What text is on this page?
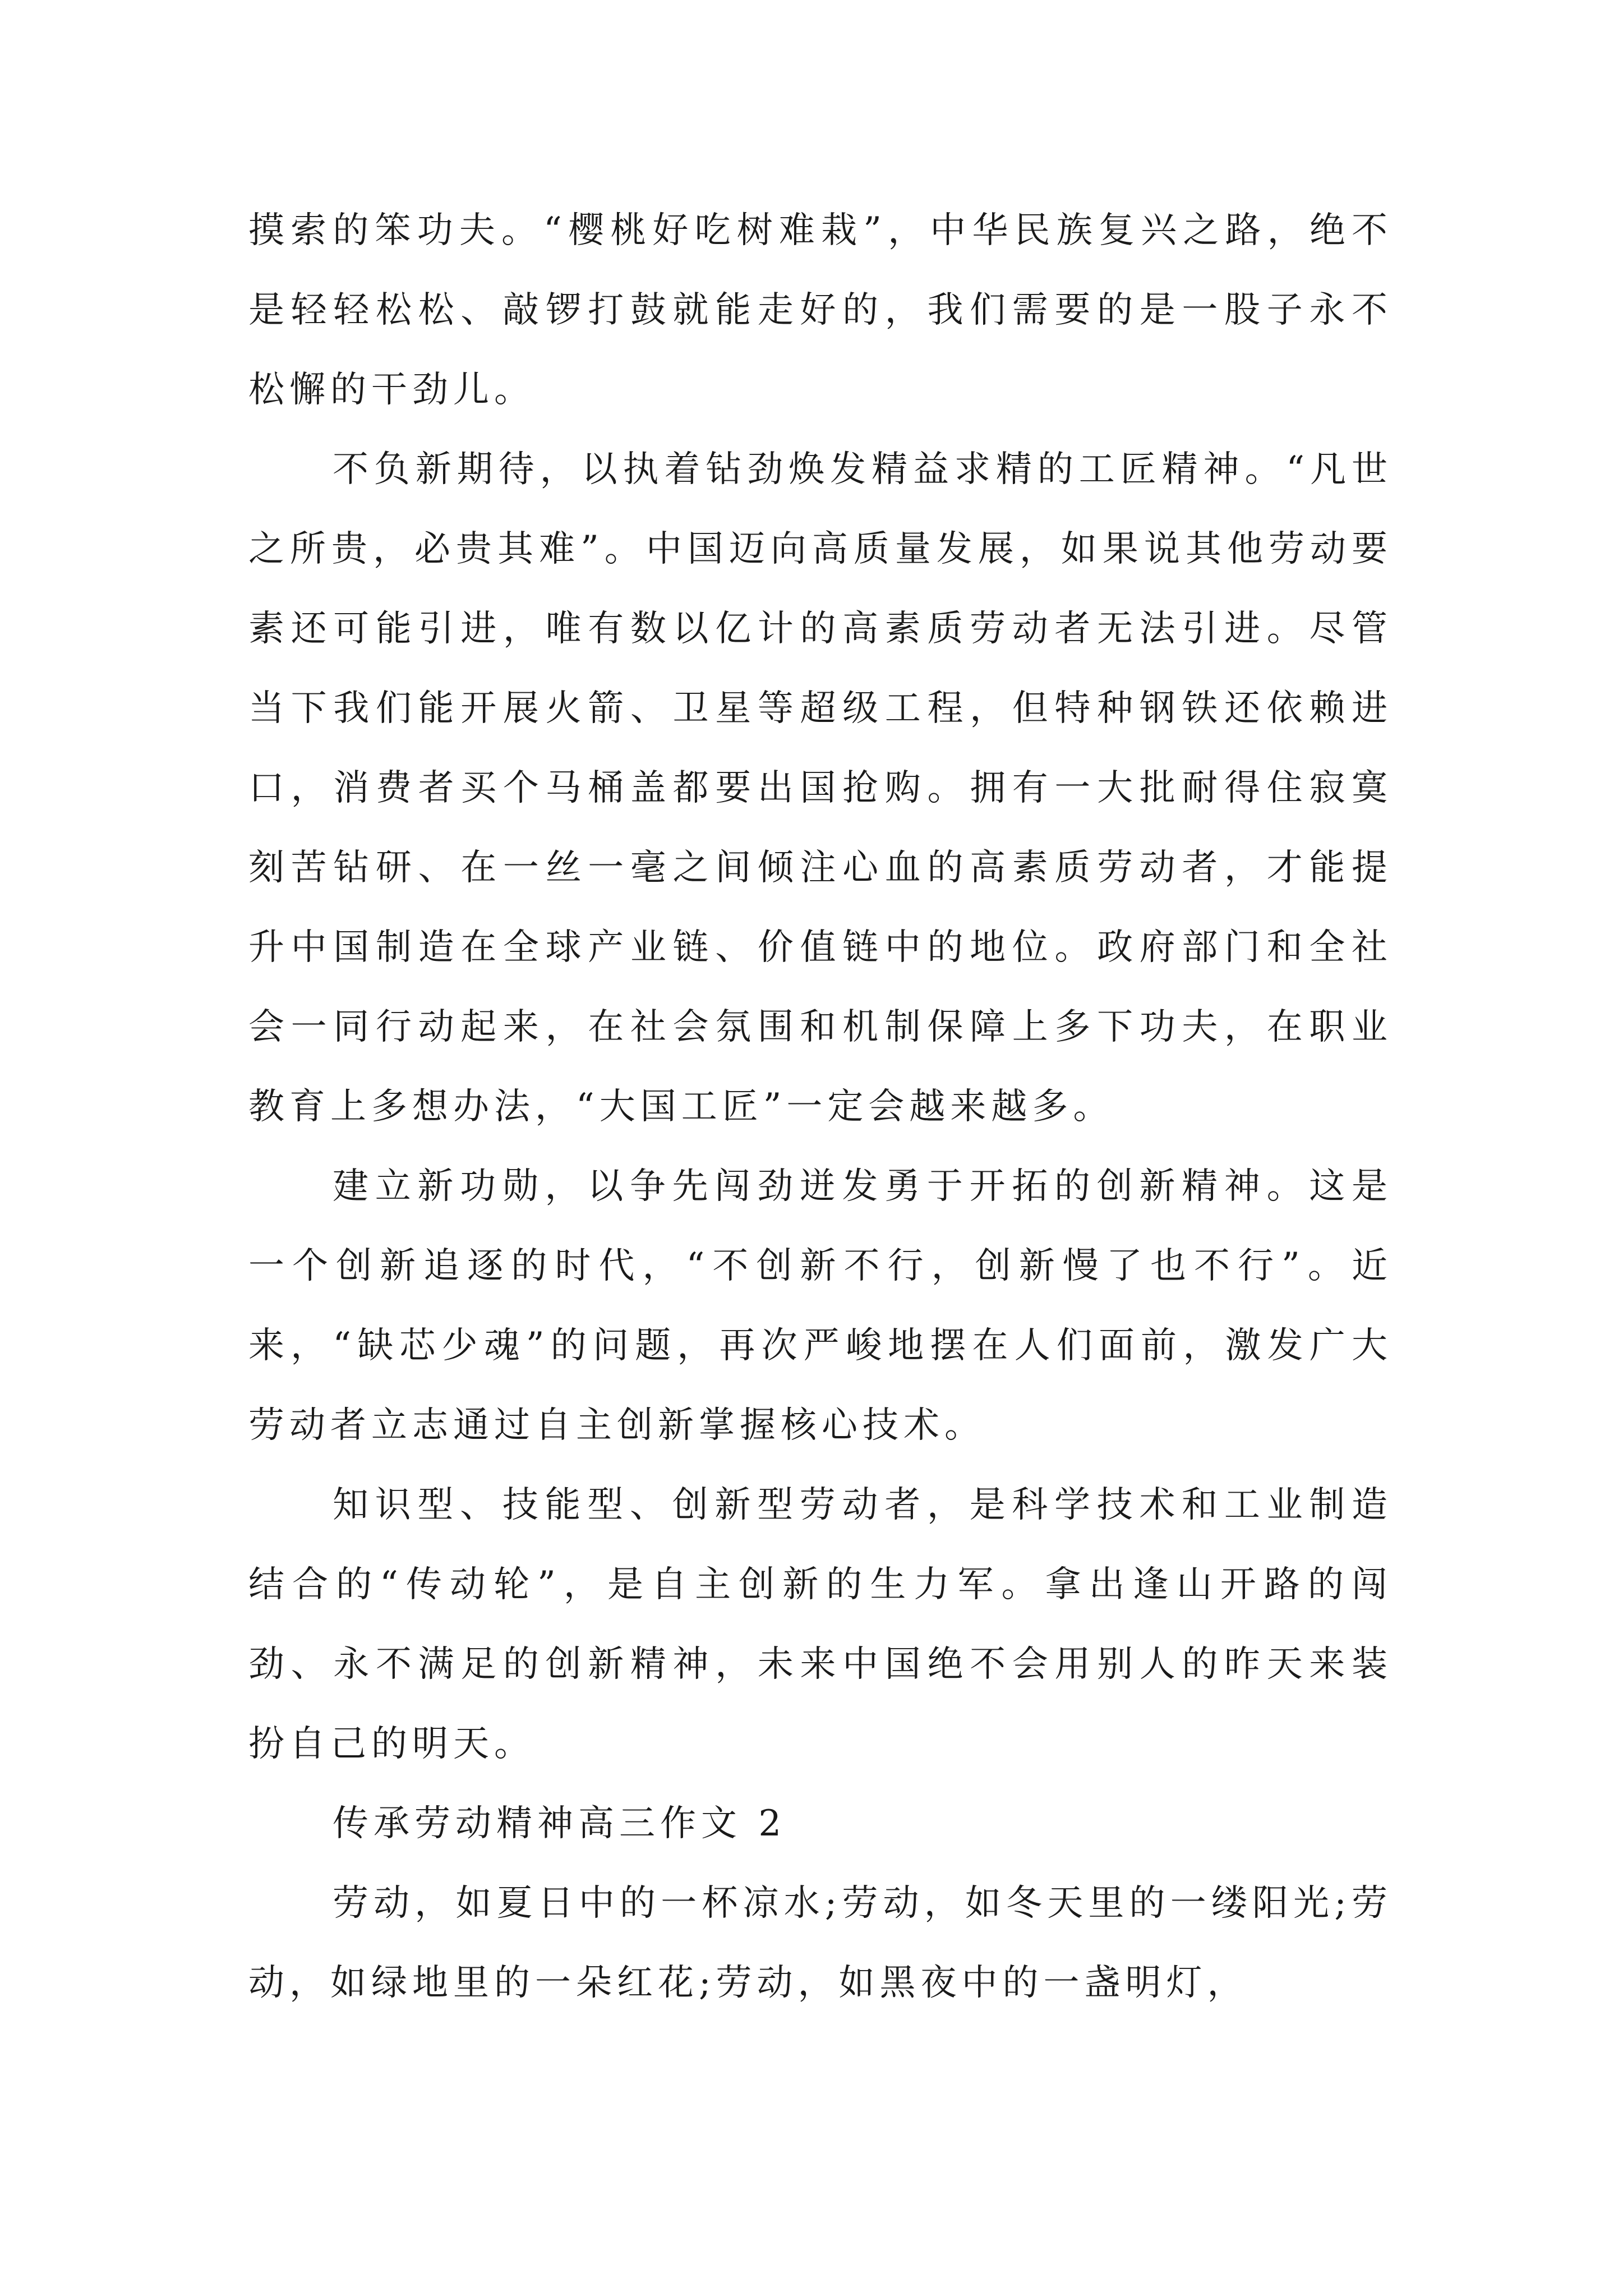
摸索的笨功夫。“樱桃好吃树难栽”，中华民族复兴之路，绝不是轻轻松松、敲锣打鼓就能走好的，我们需要的是一股子永不松懈的干劲儿。

不负新期待，以执着钻劲焕发精益求精的工匠精神。“凡世之所贵，必贵其难”。中国迈向高质量发展，如果说其他劳动要素还可能引进，唯有数以亿计的高素质劳动者无法引进。尽管当下我们能开展火箭、卫星等超级工程，但特种钢铁还依赖进口，消费者买个马桶盖都要出国抢购。拥有一大批耐得住寂寞刻苦钻研、在一丝一毫之间倾注心血的高素质劳动者，才能提升中国制造在全球产业链、价值链中的地位。政府部门和全社会一同行动起来，在社会氛围和机制保障上多下功夫，在职业教育上多想办法，“大国工匠”一定会越来越多。

建立新功勋，以争先闯劲迸发勇于开拓的创新精神。这是一个创新追逐的时代，“不创新不行，创新慢了也不行”。近来，“缺芯少魂”的问题，再次严峻地摆在人们面前，激发广大劳动者立志通过自主创新掌握核心技术。

知识型、技能型、创新型劳动者，是科学技术和工业制造结合的“传动轮”，是自主创新的生力军。拿出逢山开路的闯劲、永不满足的创新精神，未来中国绝不会用别人的昨天来装扮自己的明天。

传承劳动精神高三作文 2

劳动，如夏日中的一杯凉水;劳动，如冬天里的一缕阳光;劳动，如绿地里的一朵红花;劳动，如黑夜中的一盏明灯，
